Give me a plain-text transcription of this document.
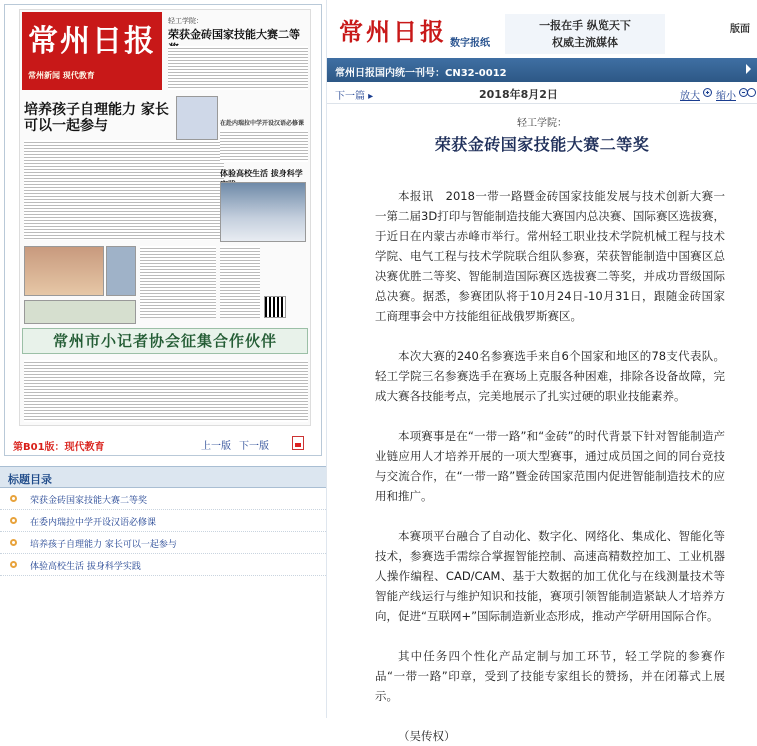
常州日报
常州新闻 现代教育
轻工学院：
荣获金砖国家技能大赛二等
培养孩子自理能力 家长可以一起参与	在赴内瑞拉中学开设汉语必修课
体验高校生活 拔身科学
常州市小记者协会征集合作伙伴
第B01版：现代教育	上一版 下一版
标题目录
荣获金砖国家技能大赛二等奖
在委内瑞拉中学开设汉语必修课
培养孩子自理能力 家长可以一起参与
体验高校生活 拔身科学实践
常州日报 数字报纸
一报在手 纵览天下
权威主流媒体
版面
常州日报国内统一刊号：CN32-0012
下一篇 ▸	2018年8月2日	放大 缩小
轻工学院：
荣获金砖国家技能大赛二等奖

本报讯　2018一带一路暨金砖国家技能发展与技术创新大赛一一第二届3D打印与智能制造技能大赛国内总决赛、国际赛区选拔赛，于近日在内蒙古赤峰市举行。常州轻工职业技术学院机械工程与技术学院、电气工程与技术学院联合组队参赛，荣获智能制造中国赛区总决赛优胜二等奖、智能制造国际赛区选拔赛二等奖，并成功晋级国际总决赛。据悉，参赛团队将于10月24日-10月31日，跟随金砖国家工商理事会中方技能组征战俄罗斯赛区。

本次大赛的240名参赛选手来自6个国家和地区的78支代表队。轻工学院三名参赛选手在赛场上克服各种困难，排除各设备故障，完成大赛各技能考点，完美地展示了扎实过硬的职业技能素养。

本项赛事是在“一带一路”和“金砖”的时代背景下针对智能制造产业链应用人才培养开展的一项大型赛事，通过成员国之间的同台竞技与交流合作，在“一带一路”暨金砖国家范围内促进智能制造技术的应用和推广。

本赛项平台融合了自动化、数字化、网络化、集成化、智能化等技术，参赛选手需综合掌握智能控制、高速高精数控加工、工业机器人操作编程、CAD/CAM、基于大数据的加工优化与在线测量技术等智能产线运行与维护知识和技能，赛项引领智能制造紧缺人才培养方向，促进“互联网+”国际制造新业态形成，推动产学研用国际合作。

其中任务四个性化产品定制与加工环节，轻工学院的参赛作品“一带一路”印章，受到了技能专家组长的赞扬，并在闭幕式上展示。

（吴传权）
